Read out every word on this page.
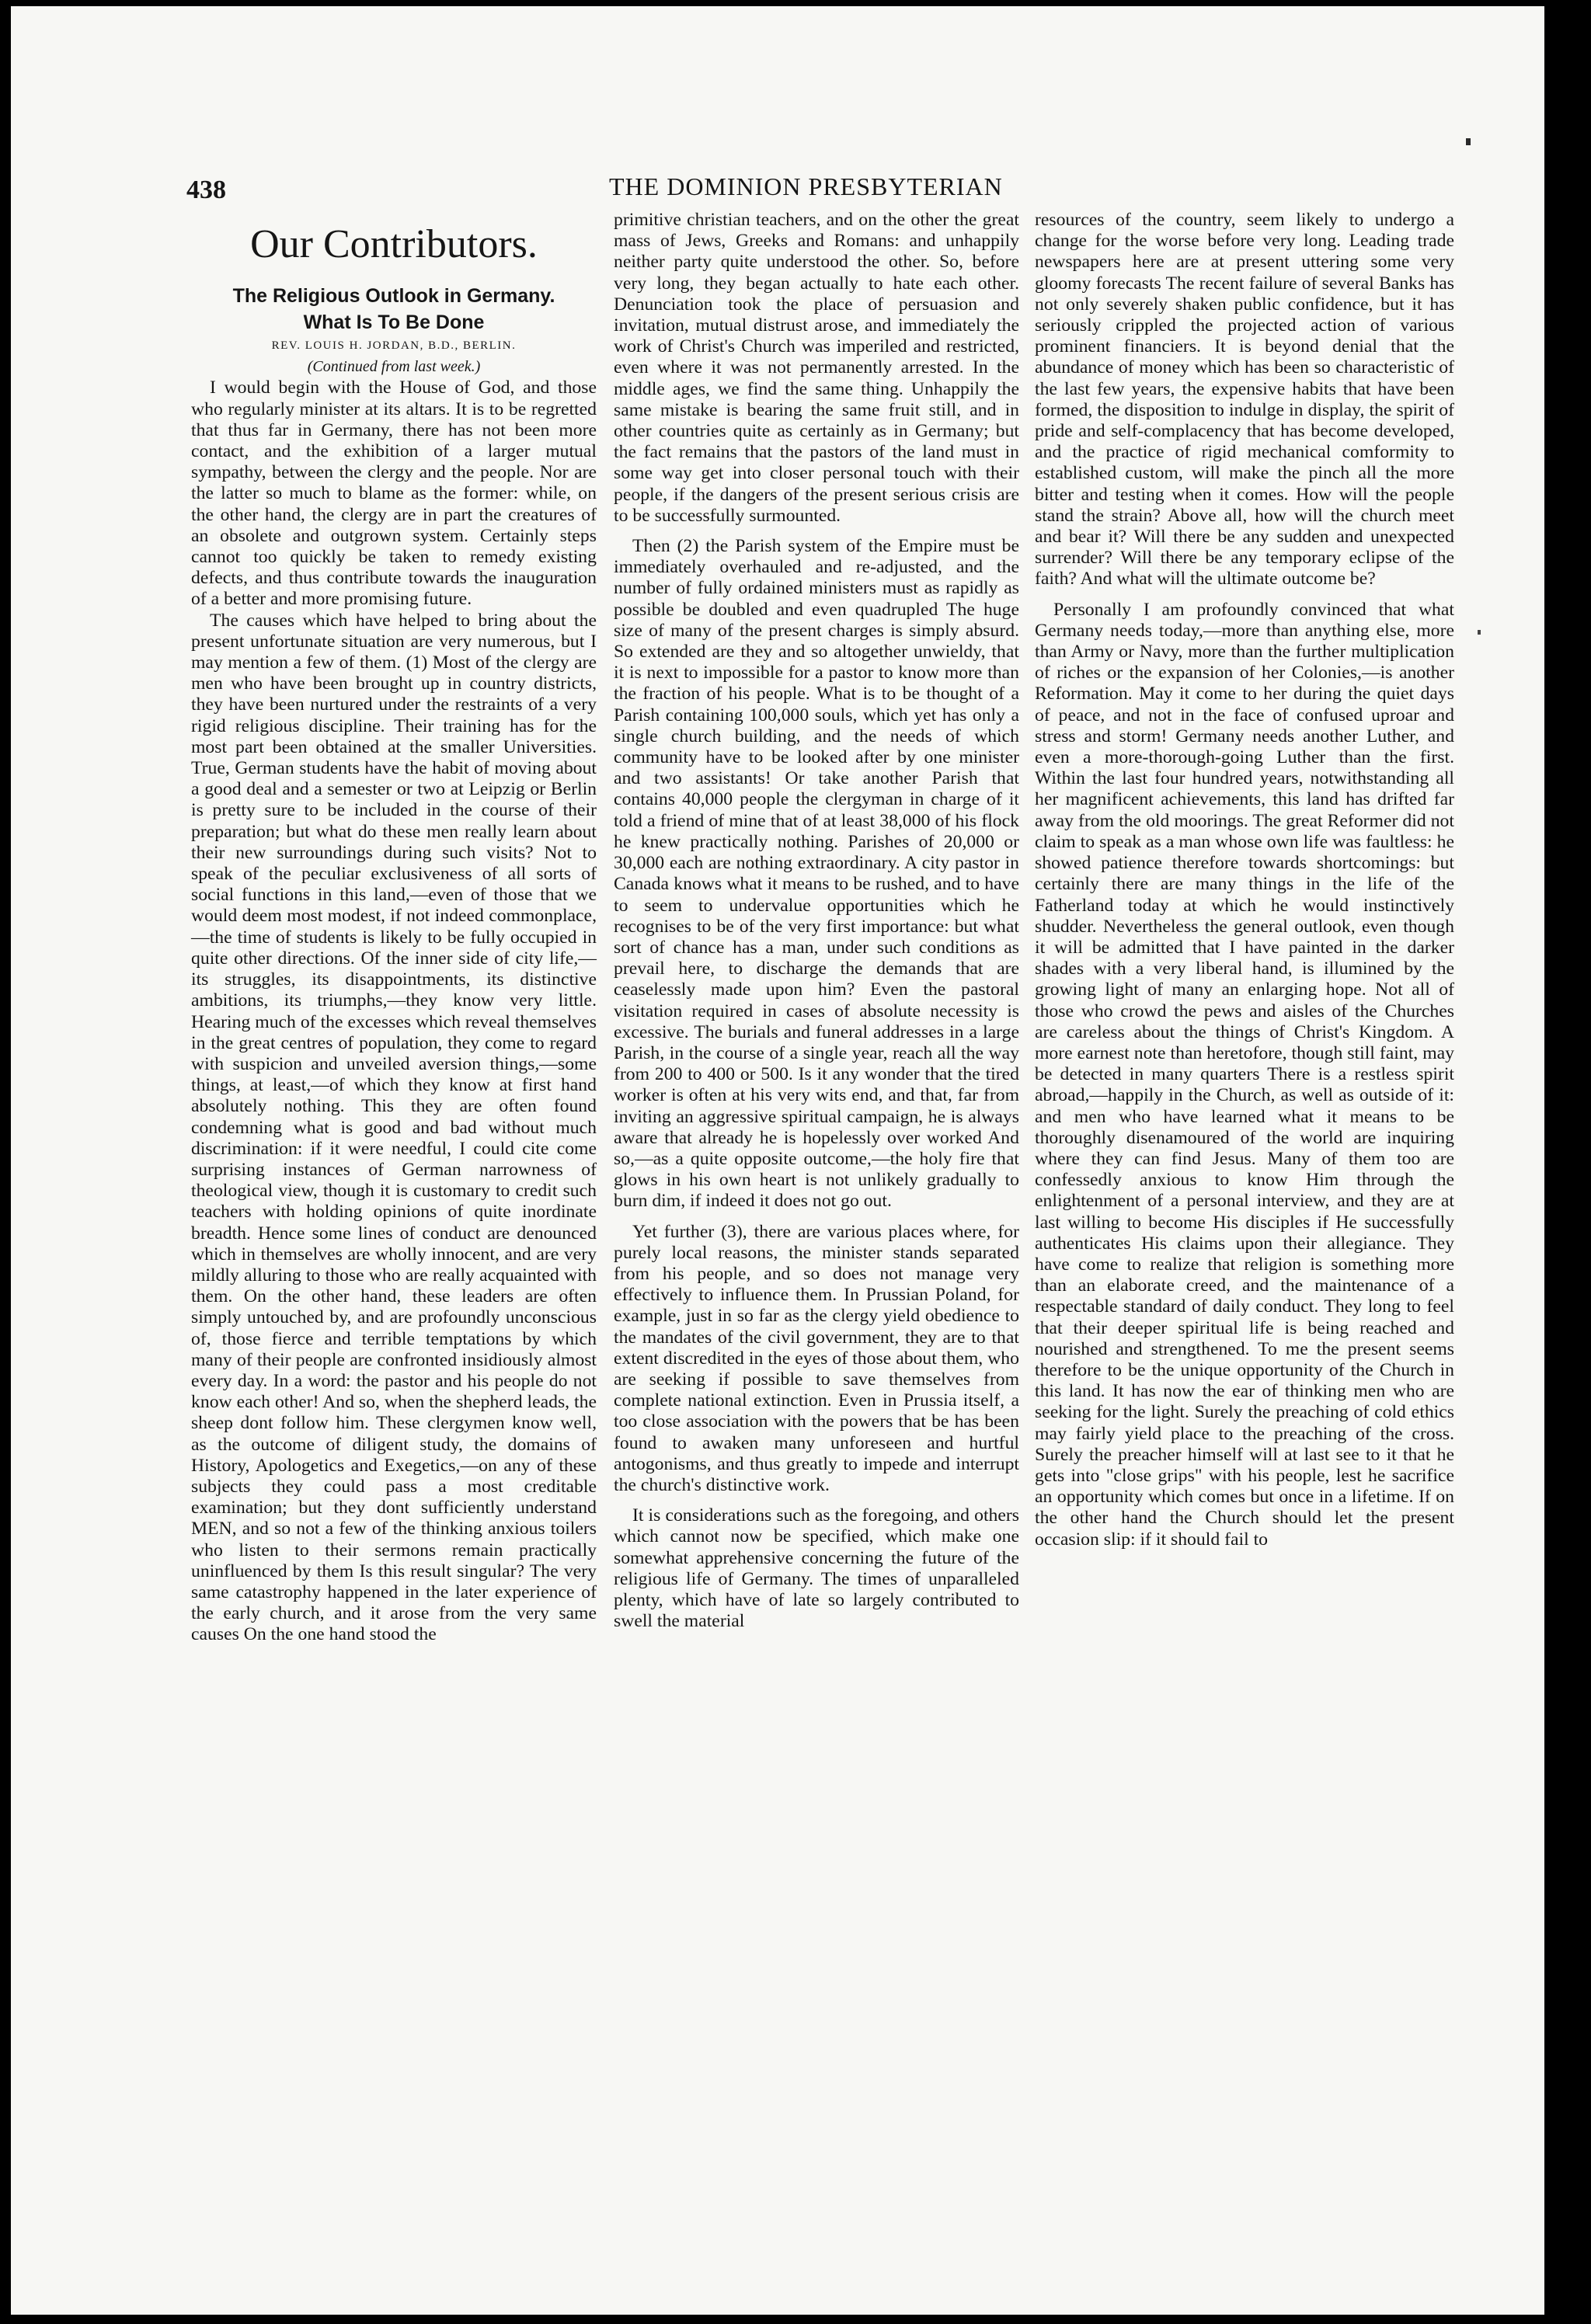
438	THE DOMINION PRESBYTERIAN
Our Contributors.
The Religious Outlook in Germany.
What Is To Be Done

REV. LOUIS H. JORDAN, B.D., BERLIN.

(Continued from last week.)

I would begin with the House of God, and those who regularly minister at its altars. It is to be regretted that thus far in Germany, there has not been more contact, and the exhibition of a larger mutual sympathy, between the clergy and the people. Nor are the latter so much to blame as the former: while, on the other hand, the clergy are in part the creatures of an obsolete and outgrown system. Certainly steps cannot too quickly be taken to remedy existing defects, and thus contribute towards the inauguration of a better and more promising future.

The causes which have helped to bring about the present unfortunate situation are very numerous, but I may mention a few of them. (1) Most of the clergy are men who have been brought up in country districts, they have been nurtured under the restraints of a very rigid religious discipline. Their training has for the most part been obtained at the smaller Universities. True, German students have the habit of moving about a good deal and a semester or two at Leipzig or Berlin is pretty sure to be included in the course of their preparation; but what do these men really learn about their new surroundings during such visits? Not to speak of the peculiar exclusiveness of all sorts of social functions in this land,—even of those that we would deem most modest, if not indeed commonplace,—the time of students is likely to be fully occupied in quite other directions. Of the inner side of city life,—its struggles, its disappointments, its distinctive ambitions, its triumphs,—they know very little. Hearing much of the excesses which reveal themselves in the great centres of population, they come to regard with suspicion and unveiled aversion things,—some things, at least,—of which they know at first hand absolutely nothing. This they are often found condemning what is good and bad without much discrimination: if it were needful, I could cite come surprising instances of German narrowness of theological view, though it is customary to credit such teachers with holding opinions of quite inordinate breadth. Hence some lines of conduct are denounced which in themselves are wholly innocent, and are very mildly alluring to those who are really acquainted with them. On the other hand, these leaders are often simply untouched by, and are profoundly unconscious of, those fierce and terrible temptations by which many of their people are confronted insidiously almost every day. In a word: the pastor and his people do not know each other! And so, when the shepherd leads, the sheep dont follow him. These clergymen know well, as the outcome of diligent study, the domains of History, Apologetics and Exegetics,—on any of these subjects they could pass a most creditable examination; but they dont sufficiently understand MEN, and so not a few of the thinking anxious toilers who listen to their sermons remain practically uninfluenced by them Is this result singular? The very same catastrophy happened in the later experience of the early church, and it arose from the very same causes On the one hand stood the

primitive christian teachers, and on the other the great mass of Jews, Greeks and Romans: and unhappily neither party quite understood the other. So, before very long, they began actually to hate each other. Denunciation took the place of persuasion and invitation, mutual distrust arose, and immediately the work of Christ's Church was imperiled and restricted, even where it was not permanently arrested. In the middle ages, we find the same thing. Unhappily the same mistake is bearing the same fruit still, and in other countries quite as certainly as in Germany; but the fact remains that the pastors of the land must in some way get into closer personal touch with their people, if the dangers of the present serious crisis are to be successfully surmounted.

Then (2) the Parish system of the Empire must be immediately overhauled and re-adjusted, and the number of fully ordained ministers must as rapidly as possible be doubled and even quadrupled The huge size of many of the present charges is simply absurd. So extended are they and so altogether unwieldy, that it is next to impossible for a pastor to know more than the fraction of his people. What is to be thought of a Parish containing 100,000 souls, which yet has only a single church building, and the needs of which community have to be looked after by one minister and two assistants! Or take another Parish that contains 40,000 people the clergyman in charge of it told a friend of mine that of at least 38,000 of his flock he knew practically nothing. Parishes of 20,000 or 30,000 each are nothing extraordinary. A city pastor in Canada knows what it means to be rushed, and to have to seem to undervalue opportunities which he recognises to be of the very first importance: but what sort of chance has a man, under such conditions as prevail here, to discharge the demands that are ceaselessly made upon him? Even the pastoral visitation required in cases of absolute necessity is excessive. The burials and funeral addresses in a large Parish, in the course of a single year, reach all the way from 200 to 400 or 500. Is it any wonder that the tired worker is often at his very wits end, and that, far from inviting an aggressive spiritual campaign, he is always aware that already he is hopelessly over worked And so,—as a quite opposite outcome,—the holy fire that glows in his own heart is not unlikely gradually to burn dim, if indeed it does not go out.

Yet further (3), there are various places where, for purely local reasons, the minister stands separated from his people, and so does not manage very effectively to influence them. In Prussian Poland, for example, just in so far as the clergy yield obedience to the mandates of the civil government, they are to that extent discredited in the eyes of those about them, who are seeking if possible to save themselves from complete national extinction. Even in Prussia itself, a too close association with the powers that be has been found to awaken many unforeseen and hurtful antogonisms, and thus greatly to impede and interrupt the church's distinctive work.

It is considerations such as the foregoing, and others which cannot now be specified, which make one somewhat apprehensive concerning the future of the religious life of Germany. The times of unparalleled plenty, which have of late so largely contributed to swell the material

resources of the country, seem likely to undergo a change for the worse before very long. Leading trade newspapers here are at present uttering some very gloomy forecasts The recent failure of several Banks has not only severely shaken public confidence, but it has seriously crippled the projected action of various prominent financiers. It is beyond denial that the abundance of money which has been so characteristic of the last few years, the expensive habits that have been formed, the disposition to indulge in display, the spirit of pride and self-complacency that has become developed, and the practice of rigid mechanical comformity to established custom, will make the pinch all the more bitter and testing when it comes. How will the people stand the strain? Above all, how will the church meet and bear it? Will there be any sudden and unexpected surrender? Will there be any temporary eclipse of the faith? And what will the ultimate outcome be?

Personally I am profoundly convinced that what Germany needs today,—more than anything else, more than Army or Navy, more than the further multiplication of riches or the expansion of her Colonies,—is another Reformation. May it come to her during the quiet days of peace, and not in the face of confused uproar and stress and storm! Germany needs another Luther, and even a more-thorough-going Luther than the first. Within the last four hundred years, notwithstanding all her magnificent achievements, this land has drifted far away from the old moorings. The great Reformer did not claim to speak as a man whose own life was faultless: he showed patience therefore towards shortcomings: but certainly there are many things in the life of the Fatherland today at which he would instinctively shudder. Nevertheless the general outlook, even though it will be admitted that I have painted in the darker shades with a very liberal hand, is illumined by the growing light of many an enlarging hope. Not all of those who crowd the pews and aisles of the Churches are careless about the things of Christ's Kingdom. A more earnest note than heretofore, though still faint, may be detected in many quarters There is a restless spirit abroad,—happily in the Church, as well as outside of it: and men who have learned what it means to be thoroughly disenamoured of the world are inquiring where they can find Jesus. Many of them too are confessedly anxious to know Him through the enlightenment of a personal interview, and they are at last willing to become His disciples if He successfully authenticates His claims upon their allegiance. They have come to realize that religion is something more than an elaborate creed, and the maintenance of a respectable standard of daily conduct. They long to feel that their deeper spiritual life is being reached and nourished and strengthened. To me the present seems therefore to be the unique opportunity of the Church in this land. It has now the ear of thinking men who are seeking for the light. Surely the preaching of cold ethics may fairly yield place to the preaching of the cross. Surely the preacher himself will at last see to it that he gets into "close grips" with his people, lest he sacrifice an opportunity which comes but once in a lifetime. If on the other hand the Church should let the present occasion slip: if it should fail to
